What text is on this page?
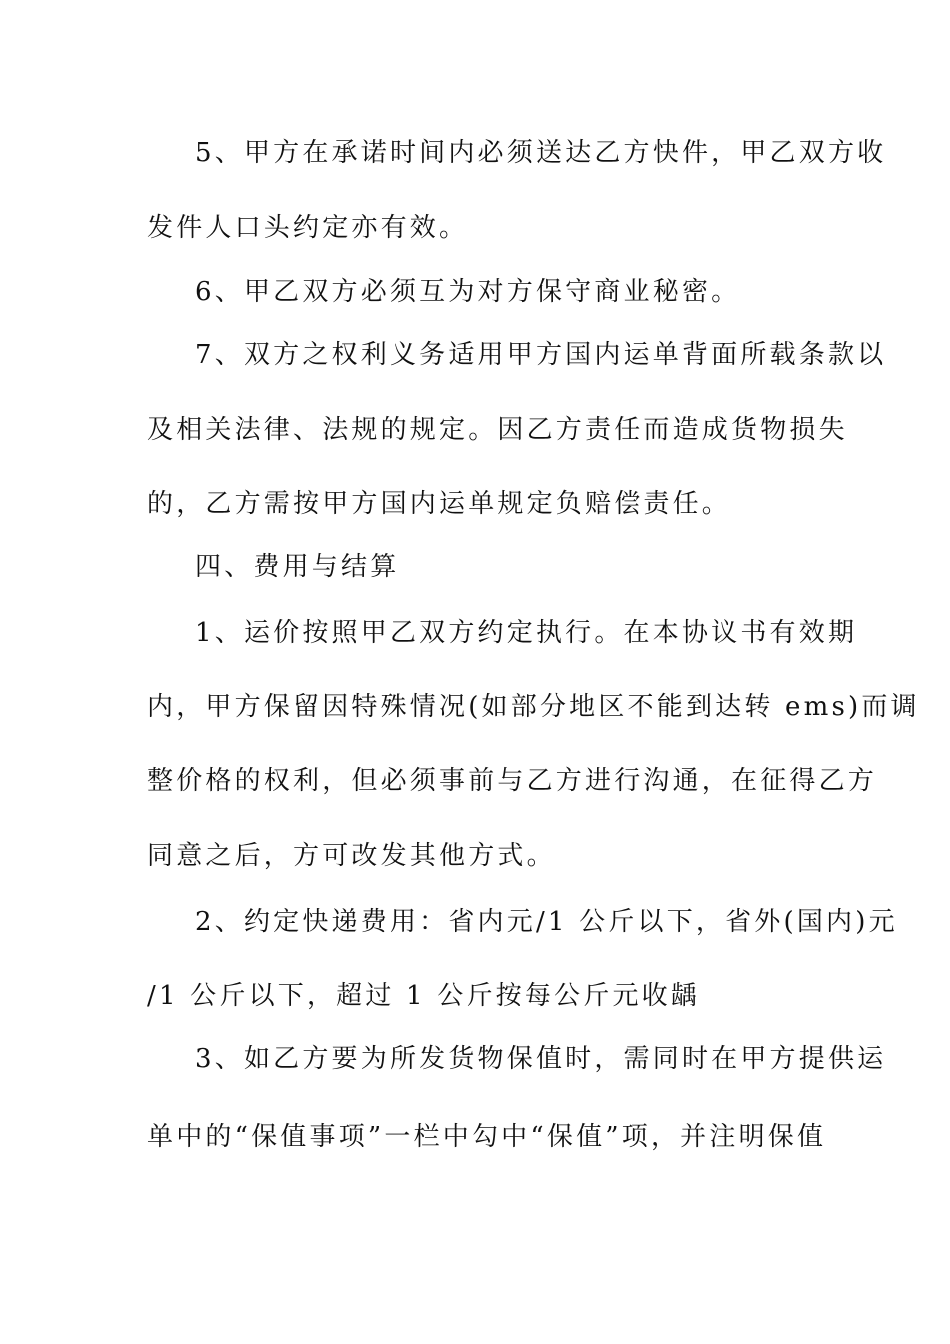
5、甲方在承诺时间内必须送达乙方快件，甲乙双方收
发件人口头约定亦有效。
6、甲乙双方必须互为对方保守商业秘密。
7、双方之权利义务适用甲方国内运单背面所载条款以
及相关法律、法规的规定。因乙方责任而造成货物损失
的，乙方需按甲方国内运单规定负赔偿责任。
四、费用与结算
1、运价按照甲乙双方约定执行。在本协议书有效期
内，甲方保留因特殊情况(如部分地区不能到达转 ems)而调
整价格的权利，但必须事前与乙方进行沟通，在征得乙方
同意之后，方可改发其他方式。
2、约定快递费用：省内元/1 公斤以下，省外(国内)元
/1 公斤以下，超过 1 公斤按每公斤元收龋
3、如乙方要为所发货物保值时，需同时在甲方提供运
单中的“保值事项”一栏中勾中“保值”项，并注明保值
